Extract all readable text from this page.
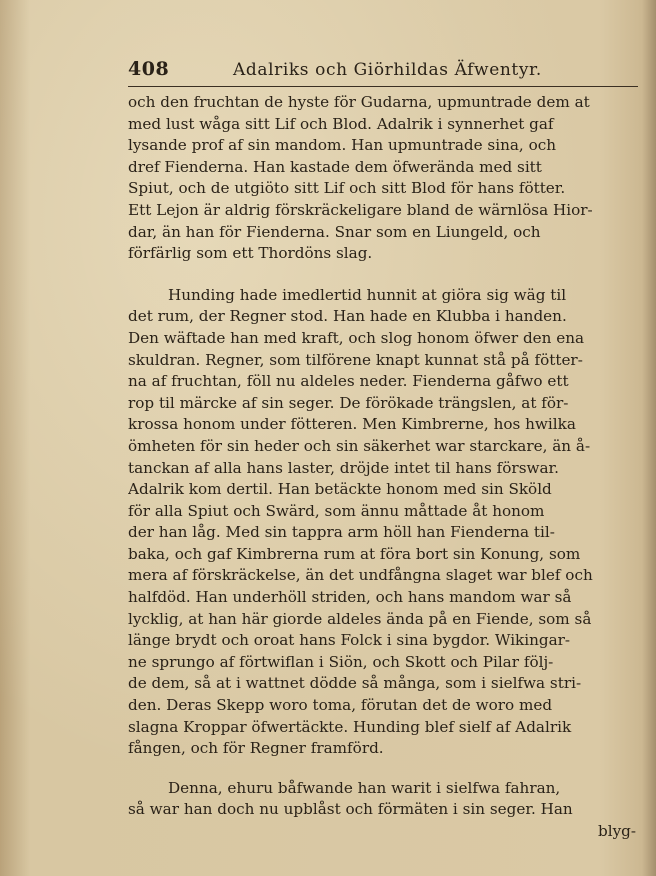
408	Adalriks och Giörhildas Äfwentyr.
och den fruchtan de hyste för Gudarna, upmuntrade dem at
med lust wåga sitt Lif och Blod. Adalrik i synnerhet gaf
lysande prof af sin mandom. Han upmuntrade sina, och
dref Fienderna. Han kastade dem öfwerända med sitt
Spiut, och de utgiöto sitt Lif och sitt Blod för hans fötter.
Ett Lejon är aldrig förskräckeligare bland de wärnlösa Hior-
dar, än han för Fienderna. Snar som en Liungeld, och
förfärlig som ett Thordöns slag.
Hunding hade imedlertid hunnit at giöra sig wäg til
det rum, der Regner stod. Han hade en Klubba i handen.
Den wäftade han med kraft, och slog honom öfwer den ena
skuldran. Regner, som tilförene knapt kunnat stå på fötter-
na af fruchtan, föll nu aldeles neder. Fienderna gåfwo ett
rop til märcke af sin seger. De förökade trängslen, at för-
krossa honom under fötteren. Men Kimbrerne, hos hwilka
ömheten för sin heder och sin säkerhet war starckare, än å-
tanckan af alla hans laster, dröjde intet til hans förswar.
Adalrik kom dertil. Han betäckte honom med sin Sköld
för alla Spiut och Swärd, som ännu måttade åt honom
der han låg. Med sin tappra arm höll han Fienderna til-
baka, och gaf Kimbrerna rum at föra bort sin Konung, som
mera af förskräckelse, än det undfångna slaget war blef och
halfdöd. Han underhöll striden, och hans mandom war så
lycklig, at han här giorde aldeles ända på en Fiende, som så
länge brydt och oroat hans Folck i sina bygdor. Wikingar-
ne sprungo af förtwiflan i Siön, och Skott och Pilar följ-
de dem, så at i wattnet dödde så många, som i sielfwa stri-
den. Deras Skepp woro toma, förutan det de woro med
slagna Kroppar öfwertäckte. Hunding blef sielf af Adalrik
fången, och för Regner framförd.
Denna, ehuru båfwande han warit i sielfwa fahran,
så war han doch nu upblåst och förmäten i sin seger. Han
blyg-
